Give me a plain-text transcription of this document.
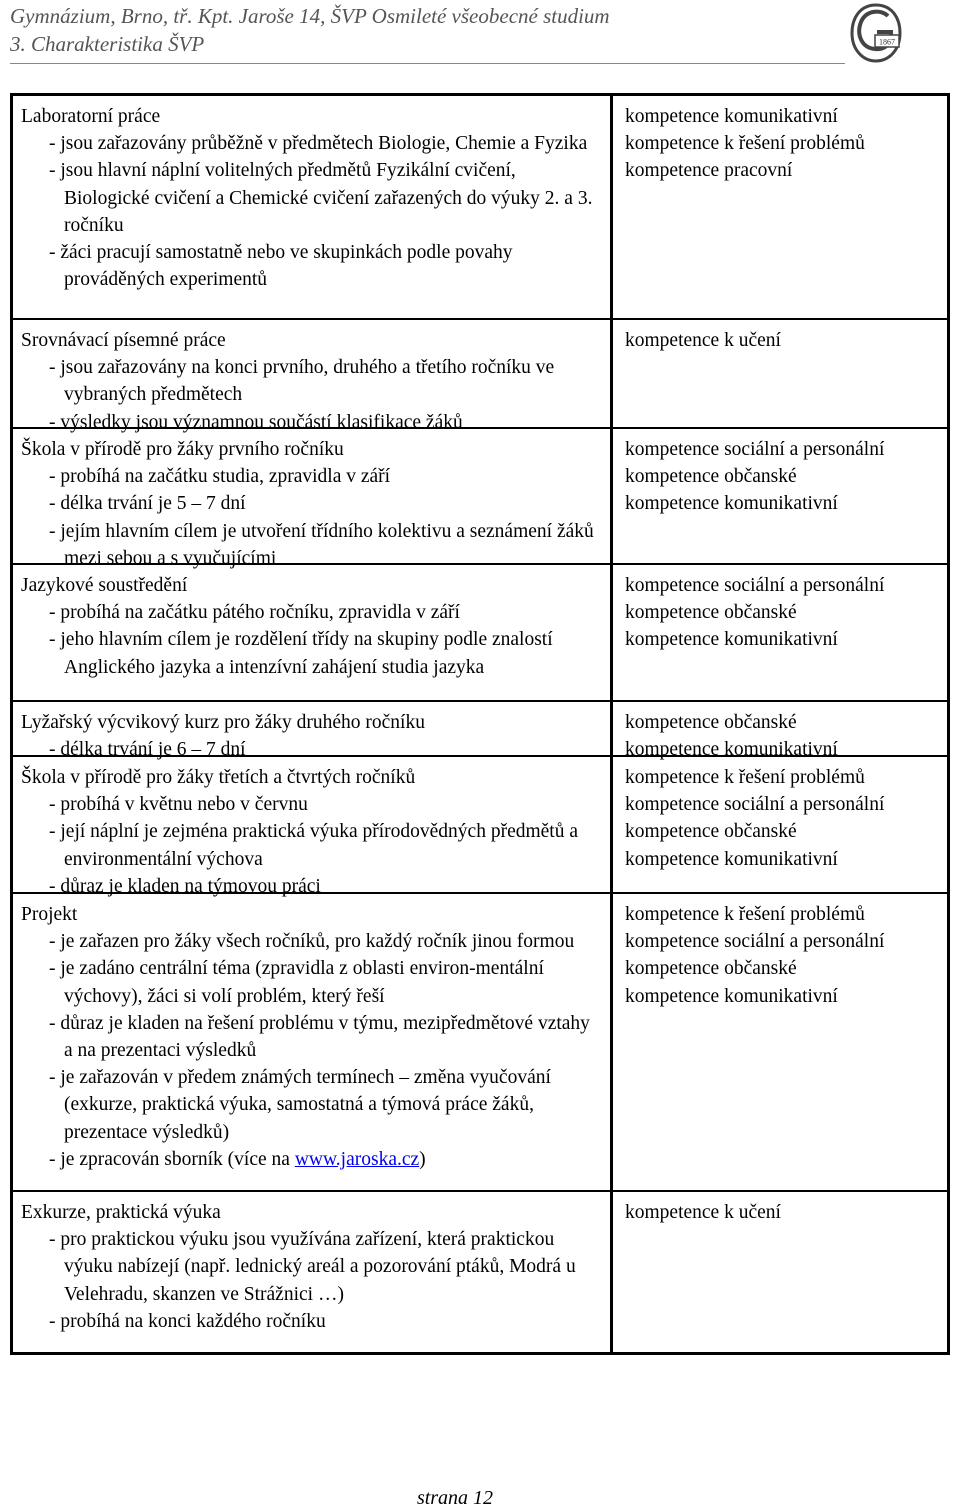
Gymnázium, Brno, tř. Kpt. Jaroše 14, ŠVP Osmileté všeobecné studium
3. Charakteristika ŠVP	1867
Laboratorní práce
- jsou zařazovány průběžně v předmětech Biologie, Chemie a Fyzika
- jsou hlavní náplní volitelných předmětů Fyzikální cvičení, Biologické cvičení a Chemické cvičení zařazených do výuky 2. a 3. ročníku
- žáci pracují samostatně nebo ve skupinkách podle povahy prováděných experimentů
kompetence komunikativní
kompetence k řešení problémů
kompetence pracovní
Srovnávací písemné práce
- jsou zařazovány na konci prvního, druhého a třetího ročníku ve vybraných předmětech
- výsledky jsou významnou součástí klasifikace žáků
kompetence k učení
Škola v přírodě pro žáky prvního ročníku
- probíhá na začátku studia, zpravidla v září
- délka trvání je 5 – 7 dní
- jejím hlavním cílem je utvoření třídního kolektivu a seznámení žáků mezi sebou a s vyučujícími
kompetence sociální a personální
kompetence občanské
kompetence komunikativní
Jazykové soustředění
- probíhá na začátku pátého ročníku, zpravidla v září
- jeho hlavním cílem je rozdělení třídy na skupiny podle znalostí Anglického jazyka a intenzívní zahájení studia jazyka
kompetence sociální a personální
kompetence občanské
kompetence komunikativní
Lyžařský výcvikový kurz pro žáky druhého ročníku
- délka trvání je 6 – 7 dní
kompetence občanské
kompetence komunikativní
Škola v přírodě pro žáky třetích a čtvrtých ročníků
- probíhá v květnu nebo v červnu
- její náplní je zejména praktická výuka přírodovědných předmětů a environmentální výchova
- důraz je kladen na týmovou práci
kompetence k řešení problémů
kompetence sociální a personální
kompetence občanské
kompetence komunikativní
Projekt
- je zařazen pro žáky všech ročníků, pro každý ročník jinou formou
- je zadáno centrální téma (zpravidla z oblasti environ-mentální výchovy), žáci si volí problém, který řeší
- důraz je kladen na řešení problému v týmu, mezipředmětové vztahy a na prezentaci výsledků
- je zařazován v předem známých termínech – změna vyučování (exkurze, praktická výuka, samostatná a týmová práce žáků, prezentace výsledků)
- je zpracován sborník (více na www.jaroska.cz)
kompetence k řešení problémů
kompetence sociální a personální
kompetence občanské
kompetence komunikativní
Exkurze, praktická výuka
- pro praktickou výuku jsou využívána zařízení, která praktickou výuku nabízejí (např. lednický areál a pozorování ptáků, Modrá u Velehradu, skanzen ve Strážnici …)
- probíhá na konci každého ročníku
kompetence k učení
strana 12
